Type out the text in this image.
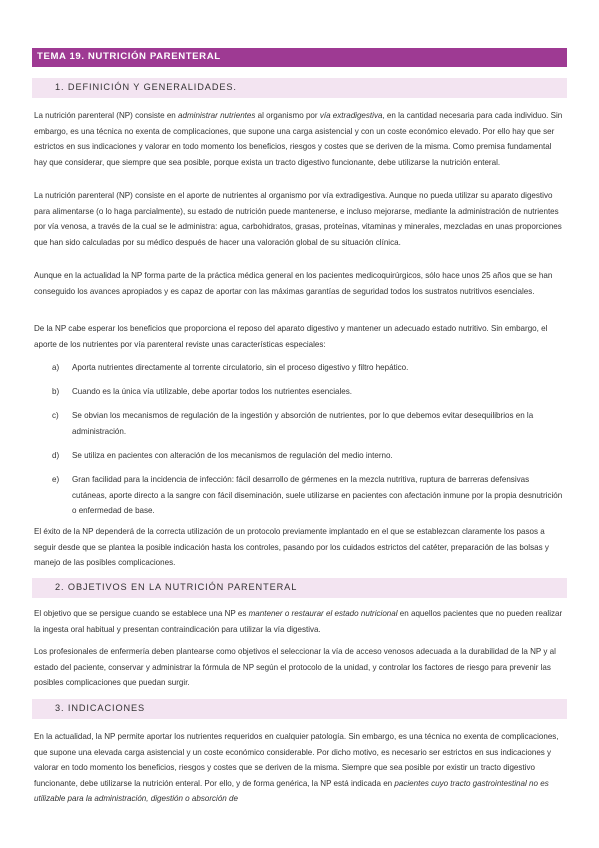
TEMA 19. NUTRICIÓN PARENTERAL
1. DEFINICIÓN Y GENERALIDADES.

La nutrición parenteral (NP) consiste en administrar nutrientes al organismo por vía extradigestiva, en la cantidad necesaria para cada individuo. Sin embargo, es una técnica no exenta de complicaciones, que supone una carga asistencial y con un coste económico elevado. Por ello hay que ser estrictos en sus indicaciones y valorar en todo momento los beneficios, riesgos y costes que se deriven de la misma. Como premisa fundamental hay que considerar, que siempre que sea posible, porque exista un tracto digestivo funcionante, debe utilizarse la nutrición enteral.

La nutrición parenteral (NP) consiste en el aporte de nutrientes al organismo por vía extradigestiva. Aunque no pueda utilizar su aparato digestivo para alimentarse (o lo haga parcialmente), su estado de nutrición puede mantenerse, e incluso mejorarse, mediante la administración de nutrientes por vía venosa, a través de la cual se le administra: agua, carbohidratos, grasas, proteínas, vitaminas y minerales, mezcladas en unas proporciones que han sido calculadas por su médico después de hacer una valoración global de su situación clínica.

Aunque en la actualidad la NP forma parte de la práctica médica general en los pacientes medicoquirúrgicos, sólo hace unos 25 años que se han conseguido los avances apropiados y es capaz de aportar con las máximas garantías de seguridad todos los sustratos nutritivos esenciales.

De la NP cabe esperar los beneficios que proporciona el reposo del aparato digestivo y mantener un adecuado estado nutritivo. Sin embargo, el aporte de los nutrientes por vía parenteral reviste unas características especiales:

a) Aporta nutrientes directamente al torrente circulatorio, sin el proceso digestivo y filtro hepático.
b) Cuando es la única vía utilizable, debe aportar todos los nutrientes esenciales.
c) Se obvian los mecanismos de regulación de la ingestión y absorción de nutrientes, por lo que debemos evitar desequilibrios en la administración.
d) Se utiliza en pacientes con alteración de los mecanismos de regulación del medio interno.
e) Gran facilidad para la incidencia de infección: fácil desarrollo de gérmenes en la mezcla nutritiva, ruptura de barreras defensivas cutáneas, aporte directo a la sangre con fácil diseminación, suele utilizarse en pacientes con afectación inmune por la propia desnutrición o enfermedad de base.

El éxito de la NP dependerá de la correcta utilización de un protocolo previamente implantado en el que se establezcan claramente los pasos a seguir desde que se plantea la posible indicación hasta los controles, pasando por los cuidados estrictos del catéter, preparación de las bolsas y manejo de las posibles complicaciones.

2. OBJETIVOS EN LA NUTRICIÓN PARENTERAL

El objetivo que se persigue cuando se establece una NP es mantener o restaurar el estado nutricional en aquellos pacientes que no pueden realizar la ingesta oral habitual y presentan contraindicación para utilizar la vía digestiva.

Los profesionales de enfermería deben plantearse como objetivos el seleccionar la vía de acceso venosos adecuada a la durabilidad de la NP y al estado del paciente, conservar y administrar la fórmula de NP según el protocolo de la unidad, y controlar los factores de riesgo para prevenir las posibles complicaciones que puedan surgir.

3. INDICACIONES

En la actualidad, la NP permite aportar los nutrientes requeridos en cualquier patología. Sin embargo, es una técnica no exenta de complicaciones, que supone una elevada carga asistencial y un coste económico considerable. Por dicho motivo, es necesario ser estrictos en sus indicaciones y valorar en todo momento los beneficios, riesgos y costes que se deriven de la misma. Siempre que sea posible por existir un tracto digestivo funcionante, debe utilizarse la nutrición enteral. Por ello, y de forma genérica, la NP está indicada en pacientes cuyo tracto gastrointestinal no es utilizable para la administración, digestión o absorción de
